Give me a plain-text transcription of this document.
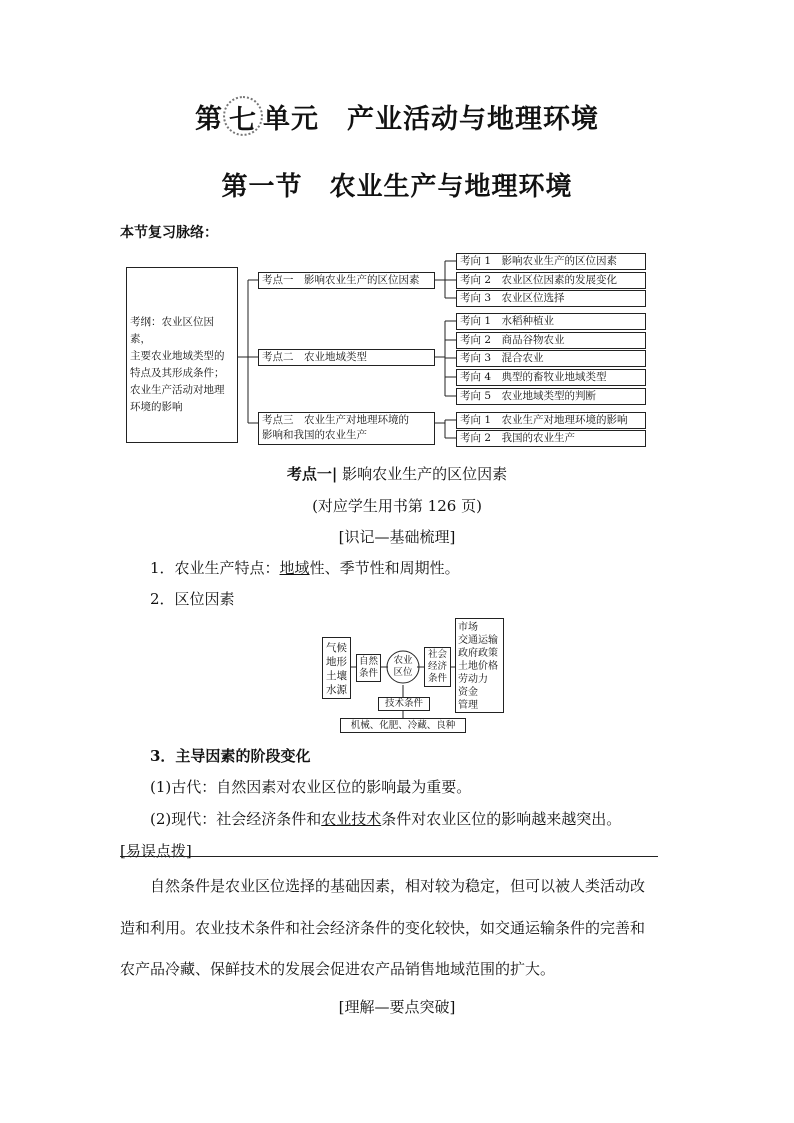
第 七 单元　 产业活动与地理环境
第一节　农业生产与地理环境
本节复习脉络：
考纲：农业区位因素，
主要农业地域类型的
特点及其形成条件；
农业生产活动对地理
环境的影响
考点一　影响农业生产的区位因素
考点二　农业地域类型
考点三　农业生产对地理环境的
影响和我国的农业生产
考向 1　影响农业生产的区位因素
考向 2　农业区位因素的发展变化
考向 3　农业区位选择
考向 1　水稻种植业
考向 2　商品谷物农业
考向 3　混合农业
考向 4　典型的畜牧业地域类型
考向 5　农业地域类型的判断
考向 1　农业生产对地理环境的影响
考向 2　我国的农业生产
考点一| 影响农业生产的区位因素
(对应学生用书第 126 页)
[识记—基础梳理]
1．农业生产特点：地域性、季节性和周期性。
2．区位因素
气候
地形
土壤
水源
自然
条件
农业
区位
社会
经济
条件
市场
交通运输
政府政策
土地价格
劳动力
资金
管理
技术条件
机械、化肥、冷藏、良种
3．主导因素的阶段变化
(1)古代：自然因素对农业区位的影响最为重要。
(2)现代：社会经济条件和农业技术条件对农业区位的影响越来越突出。
[易误点拨]
自然条件是农业区位选择的基础因素，相对较为稳定，但可以被人类活动改
造和利用。农业技术条件和社会经济条件的变化较快，如交通运输条件的完善和
农产品冷藏、保鲜技术的发展会促进农产品销售地域范围的扩大。
[理解—要点突破]
